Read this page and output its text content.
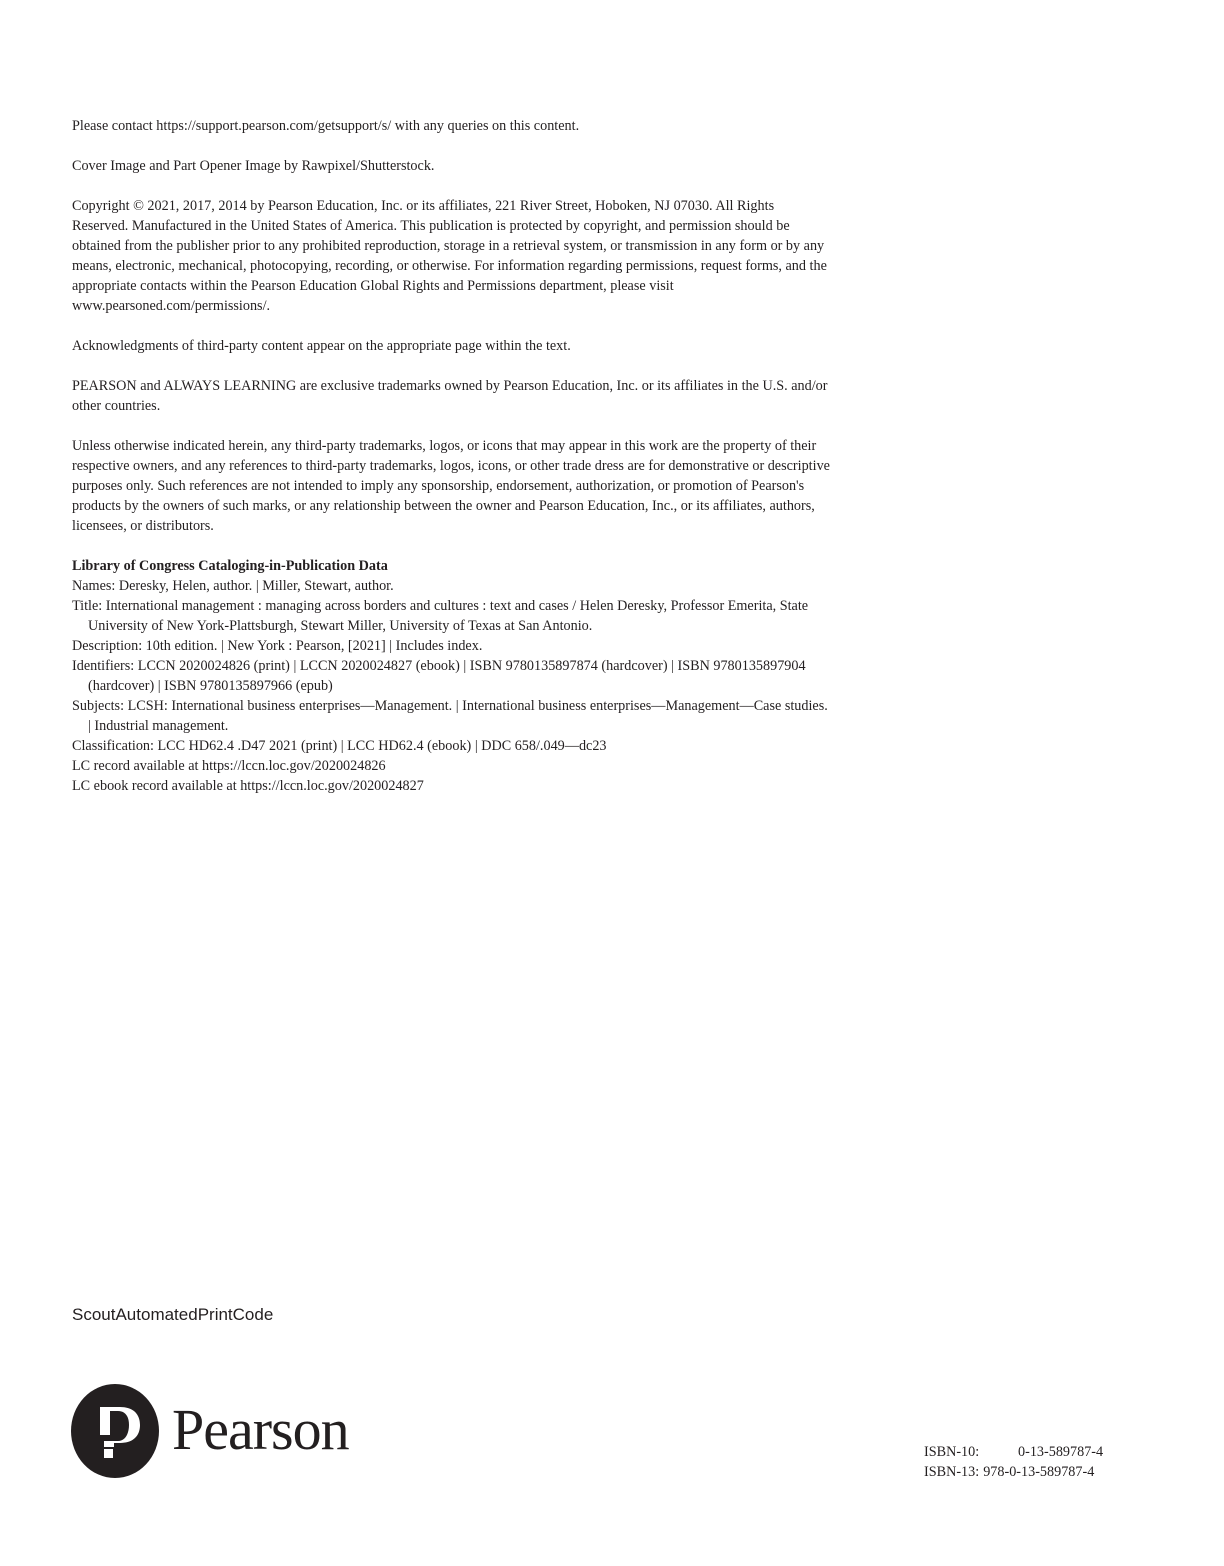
Please contact https://support.pearson.com/getsupport/s/ with any queries on this content.

Cover Image and Part Opener Image by Rawpixel/Shutterstock.

Copyright © 2021, 2017, 2014 by Pearson Education, Inc. or its affiliates, 221 River Street, Hoboken, NJ 07030. All Rights Reserved. Manufactured in the United States of America. This publication is protected by copyright, and permission should be obtained from the publisher prior to any prohibited reproduction, storage in a retrieval system, or transmission in any form or by any means, electronic, mechanical, photocopying, recording, or otherwise. For information regarding permissions, request forms, and the appropriate contacts within the Pearson Education Global Rights and Permissions department, please visit www.pearsoned.com/permissions/.

Acknowledgments of third-party content appear on the appropriate page within the text.

PEARSON and ALWAYS LEARNING are exclusive trademarks owned by Pearson Education, Inc. or its affiliates in the U.S. and/or other countries.

Unless otherwise indicated herein, any third-party trademarks, logos, or icons that may appear in this work are the property of their respective owners, and any references to third-party trademarks, logos, icons, or other trade dress are for demonstrative or descriptive purposes only. Such references are not intended to imply any sponsorship, endorsement, authorization, or promotion of Pearson's products by the owners of such marks, or any relationship between the owner and Pearson Education, Inc., or its affiliates, authors, licensees, or distributors.

Library of Congress Cataloging-in-Publication Data

Names: Deresky, Helen, author. | Miller, Stewart, author.

Title: International management : managing across borders and cultures : text and cases / Helen Deresky, Professor Emerita, State University of New York-Plattsburgh, Stewart Miller, University of Texas at San Antonio.

Description: 10th edition. | New York : Pearson, [2021] | Includes index.

Identifiers: LCCN 2020024826 (print) | LCCN 2020024827 (ebook) | ISBN 9780135897874 (hardcover) | ISBN 9780135897904 (hardcover) | ISBN 9780135897966 (epub)

Subjects: LCSH: International business enterprises—Management. | International business enterprises—Management—Case studies. | Industrial management.

Classification: LCC HD62.4 .D47 2021 (print) | LCC HD62.4 (ebook) | DDC 658/.049—dc23

LC record available at https://lccn.loc.gov/2020024826

LC ebook record available at https://lccn.loc.gov/2020024827

ScoutAutomatedPrintCode
Pearson	ISBN-10:	0-13-589787-4
ISBN-13: 978-0-13-589787-4
